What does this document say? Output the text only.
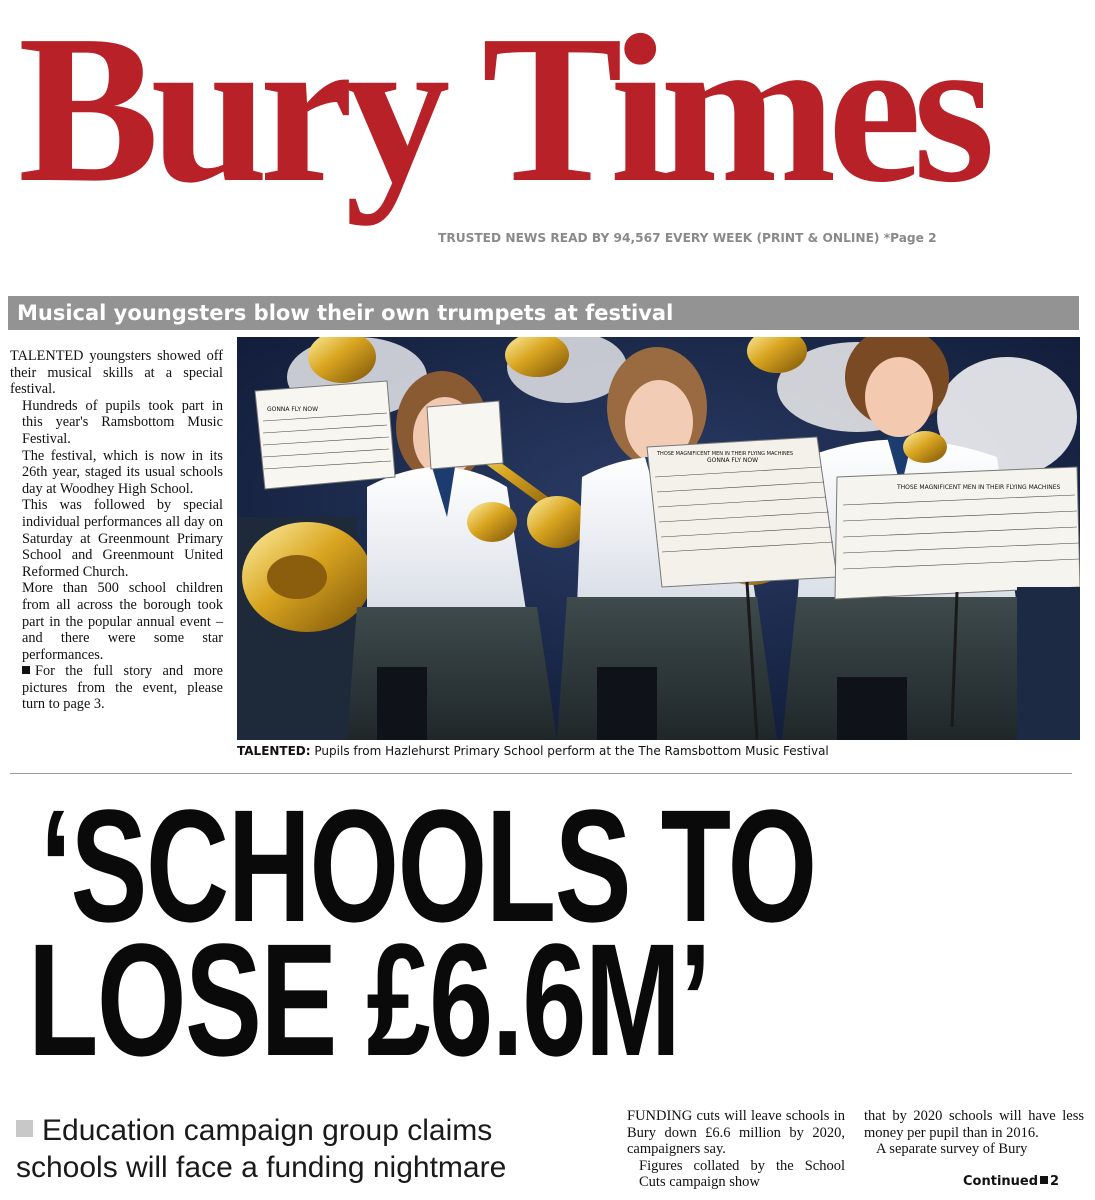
Bury Times
TRUSTED NEWS READ BY 94,567 EVERY WEEK (PRINT & ONLINE) *Page 2
Musical youngsters blow their own trumpets at festival

TALENTED youngsters showed off their musical skills at a special festival.

Hundreds of pupils took part in this year's Ramsbottom Music Festival.

The festival, which is now in its 26th year, staged its usual schools day at Woodhey High School.

This was followed by special individual performances all day on Saturday at Greenmount Primary School and Greenmount United Reformed Church.

More than 500 school children from all across the borough took part in the popular annual event – and there were some star performances.

For the full story and more pictures from the event, please turn to page 3.

GONNA FLY NOW
GONNA FLY NOW
THOSE MAGNIFICENT MEN IN THEIR FLYING MACHINES
THOSE MAGNIFICENT MEN IN THEIR FLYING MACHINES
TALENTED: Pupils from Hazlehurst Primary School perform at the The Ramsbottom Music Festival
‘SCHOOLS TO
LOSE £6.6M’
Education campaign group claims schools will face a funding nightmare

FUNDING cuts will leave schools in Bury down £6.6 million by 2020, campaigners say.

Figures collated by the School Cuts campaign show

that by 2020 schools will have less money per pupil than in 2016.

A separate survey of Bury

Continued 2
